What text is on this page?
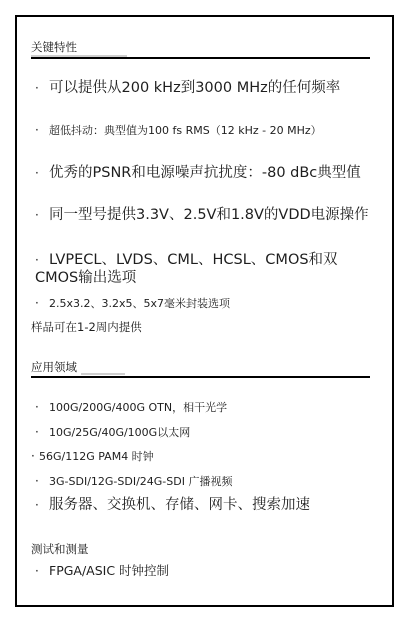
关键特性
· 可以提供从200 kHz到3000 MHz的任何频率
· 超低抖动：典型值为100 fs RMS（12 kHz - 20 MHz）
· 优秀的PSNR和电源噪声抗扰度：-80 dBc典型值
· 同一型号提供3.3V、2.5V和1.8V的VDD电源操作
· LVPECL、LVDS、CML、HCSL、CMOS和双CMOS输出选项
· 2.5x3.2、3.2x5、5x7毫米封装选项
样品可在1-2周内提供
应用领域
· 100G/200G/400G OTN，相干光学
· 10G/25G/40G/100G以太网
· 56G/112G PAM4 时钟
· 3G-SDI/12G-SDI/24G-SDI 广播视频
· 服务器、交换机、存储、网卡、搜索加速
测试和测量
· FPGA/ASIC 时钟控制
